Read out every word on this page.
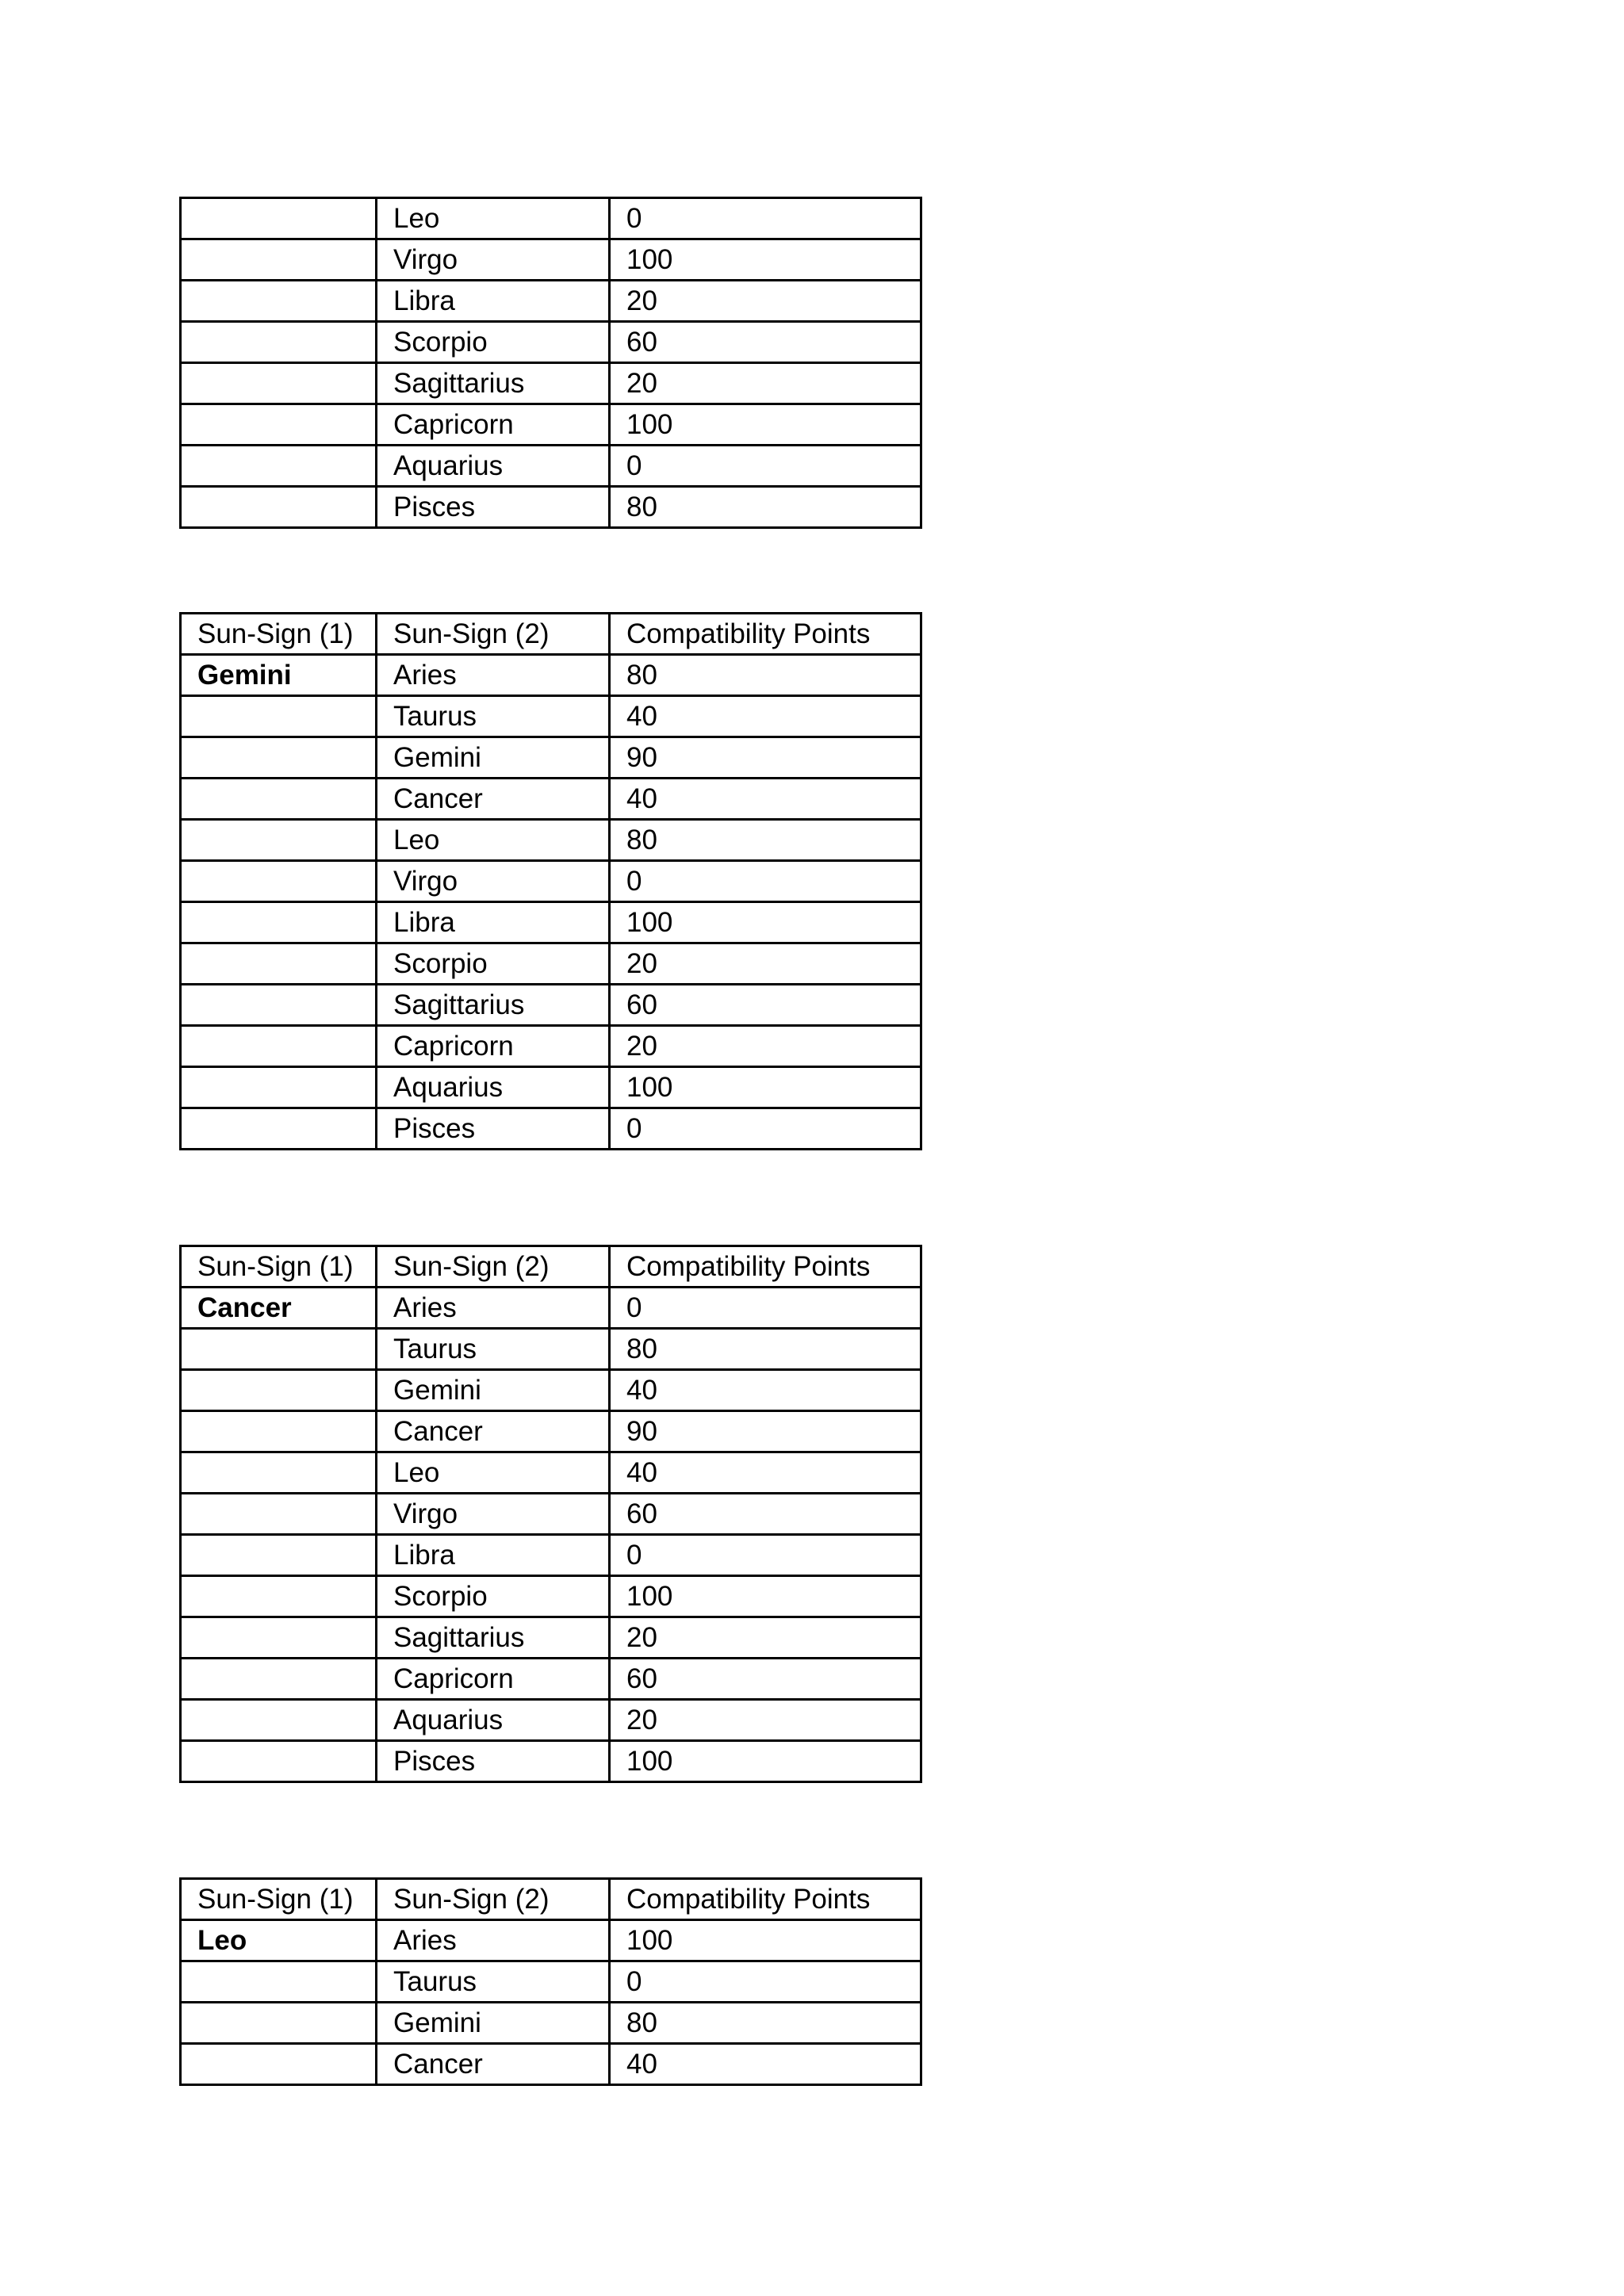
	Leo	0
	Virgo	100
	Libra	20
	Scorpio	60
	Sagittarius	20
	Capricorn	100
	Aquarius	0
	Pisces	80
Sun-Sign (1)	Sun-Sign (2)	Compatibility Points
Gemini	Aries	80
	Taurus	40
	Gemini	90
	Cancer	40
	Leo	80
	Virgo	0
	Libra	100
	Scorpio	20
	Sagittarius	60
	Capricorn	20
	Aquarius	100
	Pisces	0
Sun-Sign (1)	Sun-Sign (2)	Compatibility Points
Cancer	Aries	0
	Taurus	80
	Gemini	40
	Cancer	90
	Leo	40
	Virgo	60
	Libra	0
	Scorpio	100
	Sagittarius	20
	Capricorn	60
	Aquarius	20
	Pisces	100
Sun-Sign (1)	Sun-Sign (2)	Compatibility Points
Leo	Aries	100
	Taurus	0
	Gemini	80
	Cancer	40
